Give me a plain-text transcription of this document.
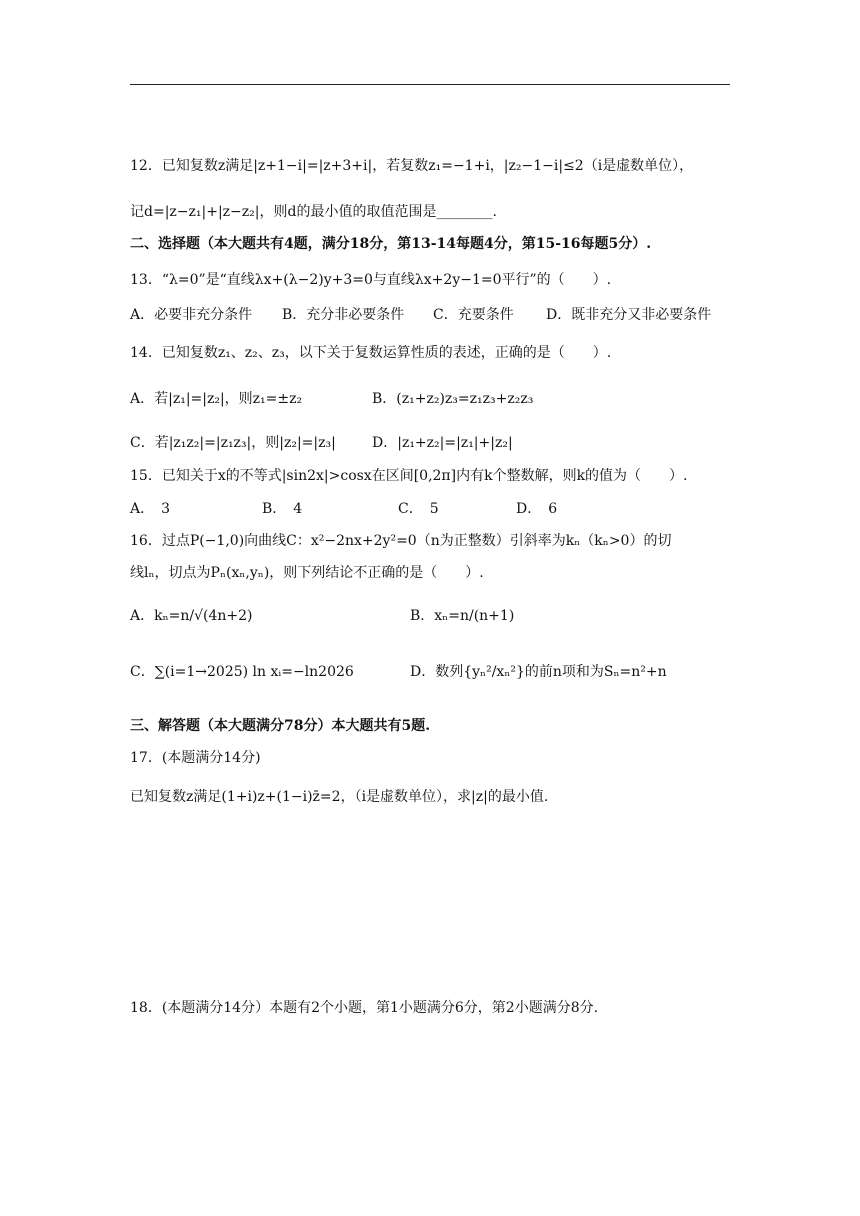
12．已知复数z满足|z+1−i|=|z+3+i|，若复数z₁=−1+i，|z₂−1−i|≤2（i是虚数单位），
记d=|z−z₁|+|z−z₂|，则d的最小值的取值范围是________.
二、选择题（本大题共有4题，满分18分，第13-14每题4分，第15-16每题5分）.
13．“λ=0”是“直线λx+(λ−2)y+3=0与直线λx+2y−1=0平行”的（　　）.
A．必要非充分条件 B．充分非必要条件 C．充要条件 D．既非充分又非必要条件
14．已知复数z₁、z₂、z₃，以下关于复数运算性质的表述，正确的是（　　）.
A．若|z₁|=|z₂|，则z₁=±z₂	B．(z₁+z₂)z₃=z₁z₃+z₂z₃
C．若|z₁z₂|=|z₁z₃|，则|z₂|=|z₃|	D．|z₁+z₂|=|z₁|+|z₂|
15．已知关于x的不等式|sin2x|>cosx在区间[0,2π]内有k个整数解，则k的值为（　　）.
A．　3	B．　4	C．　5	D．　6
16．过点P(−1,0)向曲线C：x²−2nx+2y²=0（n为正整数）引斜率为kₙ（kₙ>0）的切
线lₙ，切点为Pₙ(xₙ,yₙ)，则下列结论不正确的是（　　）.
A．kₙ=n/√(4n+2)	B．xₙ=n/(n+1)
C．∑(i=1→2025) ln xᵢ=−ln2026	D．数列{yₙ²/xₙ²}的前n项和为Sₙ=n²+n
三、解答题（本大题满分78分）本大题共有5题.
17．(本题满分14分)
已知复数z满足(1+i)z+(1−i)z̄=2，（i是虚数单位），求|z|的最小值.
18．(本题满分14分）本题有2个小题，第1小题满分6分，第2小题满分8分.
